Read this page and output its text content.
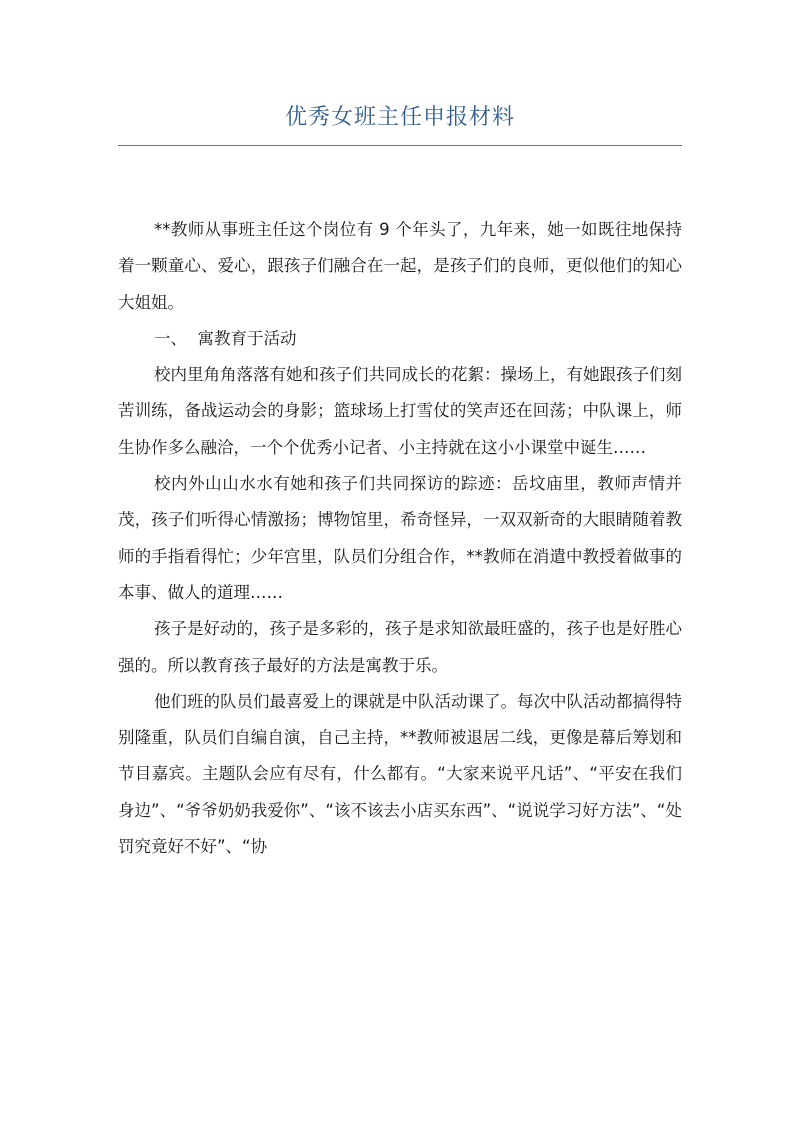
优秀女班主任申报材料

**教师从事班主任这个岗位有 9 个年头了，九年来，她一如既往地保持着一颗童心、爱心，跟孩子们融合在一起，是孩子们的良师，更似他们的知心大姐姐。

一、  寓教育于活动

校内里角角落落有她和孩子们共同成长的花絮：操场上，有她跟孩子们刻苦训练，备战运动会的身影；篮球场上打雪仗的笑声还在回荡；中队课上，师生协作多么融洽，一个个优秀小记者、小主持就在这小小课堂中诞生……

校内外山山水水有她和孩子们共同探访的踪迹：岳坟庙里，教师声情并茂，孩子们听得心情激扬；博物馆里，希奇怪异，一双双新奇的大眼睛随着教师的手指看得忙；少年宫里，队员们分组合作，**教师在消遣中教授着做事的本事、做人的道理……

孩子是好动的，孩子是多彩的，孩子是求知欲最旺盛的，孩子也是好胜心强的。所以教育孩子最好的方法是寓教于乐。

他们班的队员们最喜爱上的课就是中队活动课了。每次中队活动都搞得特别隆重，队员们自编自演，自己主持，**教师被退居二线，更像是幕后筹划和节目嘉宾。主题队会应有尽有，什么都有。“大家来说平凡话”、“平安在我们身边”、“爷爷奶奶我爱你”、“该不该去小店买东西”、“说说学习好方法”、“处罚究竟好不好”、“协
